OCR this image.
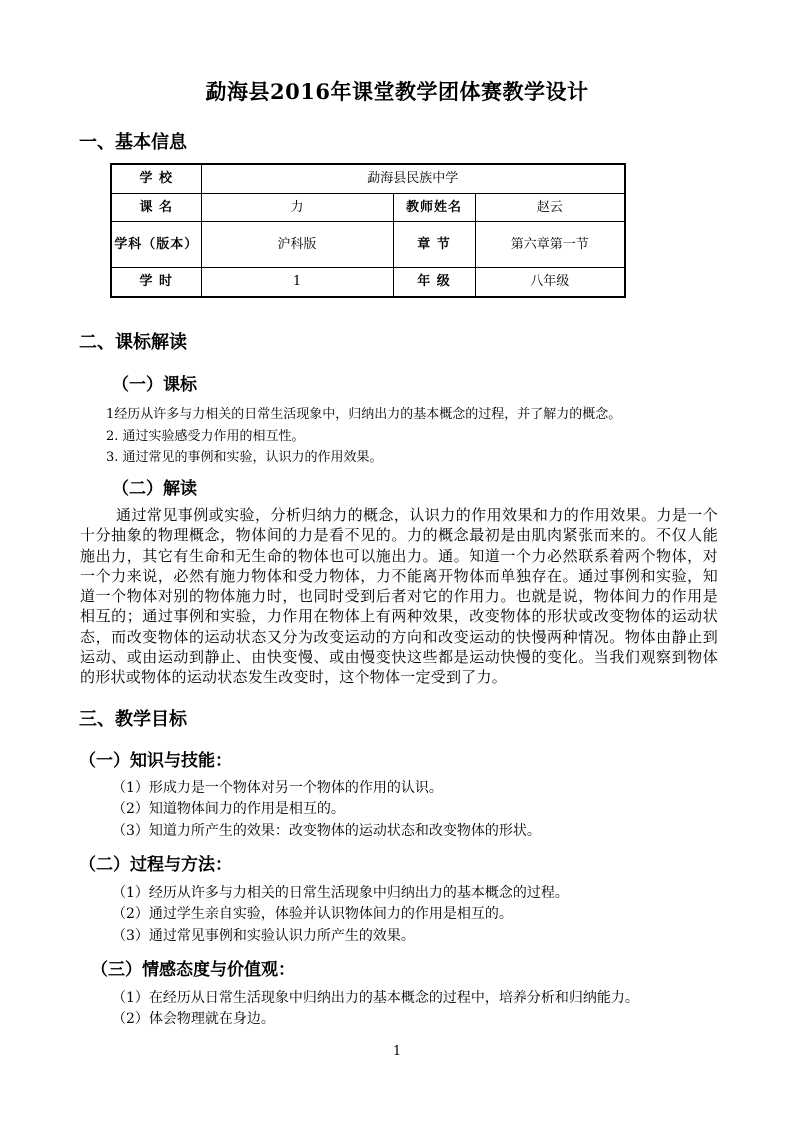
勐海县2016年课堂教学团体赛教学设计
一、基本信息
学 校	勐海县民族中学		
课 名	力	教师姓名	赵云
学科（版本）	沪科版	章 节	第六章第一节
学 时	1	年 级	八年级
二、课标解读
（一）课标
1经历从许多与力相关的日常生活现象中，归纳出力的基本概念的过程，并了解力的概念。
2. 通过实验感受力作用的相互性。
3. 通过常见的事例和实验，认识力的作用效果。
（二）解读
通过常见事例或实验，分析归纳力的概念，认识力的作用效果和力的作用效果。力是一个十分抽象的物理概念，物体间的力是看不见的。力的概念最初是由肌肉紧张而来的。不仅人能施出力，其它有生命和无生命的物体也可以施出力。通。知道一个力必然联系着两个物体，对一个力来说，必然有施力物体和受力物体，力不能离开物体而单独存在。通过事例和实验，知道一个物体对别的物体施力时，也同时受到后者对它的作用力。也就是说，物体间力的作用是相互的；通过事例和实验，力作用在物体上有两种效果，改变物体的形状或改变物体的运动状态，而改变物体的运动状态又分为改变运动的方向和改变运动的快慢两种情况。物体由静止到运动、或由运动到静止、由快变慢、或由慢变快这些都是运动快慢的变化。当我们观察到物体的形状或物体的运动状态发生改变时，这个物体一定受到了力。
三、教学目标
（一）知识与技能：
（1）形成力是一个物体对另一个物体的作用的认识。
（2）知道物体间力的作用是相互的。
（3）知道力所产生的效果：改变物体的运动状态和改变物体的形状。
（二）过程与方法：
（1）经历从许多与力相关的日常生活现象中归纳出力的基本概念的过程。
（2）通过学生亲自实验，体验并认识物体间力的作用是相互的。
（3）通过常见事例和实验认识力所产生的效果。
（三）情感态度与价值观：
（1）在经历从日常生活现象中归纳出力的基本概念的过程中，培养分析和归纳能力。
（2）体会物理就在身边。
1
